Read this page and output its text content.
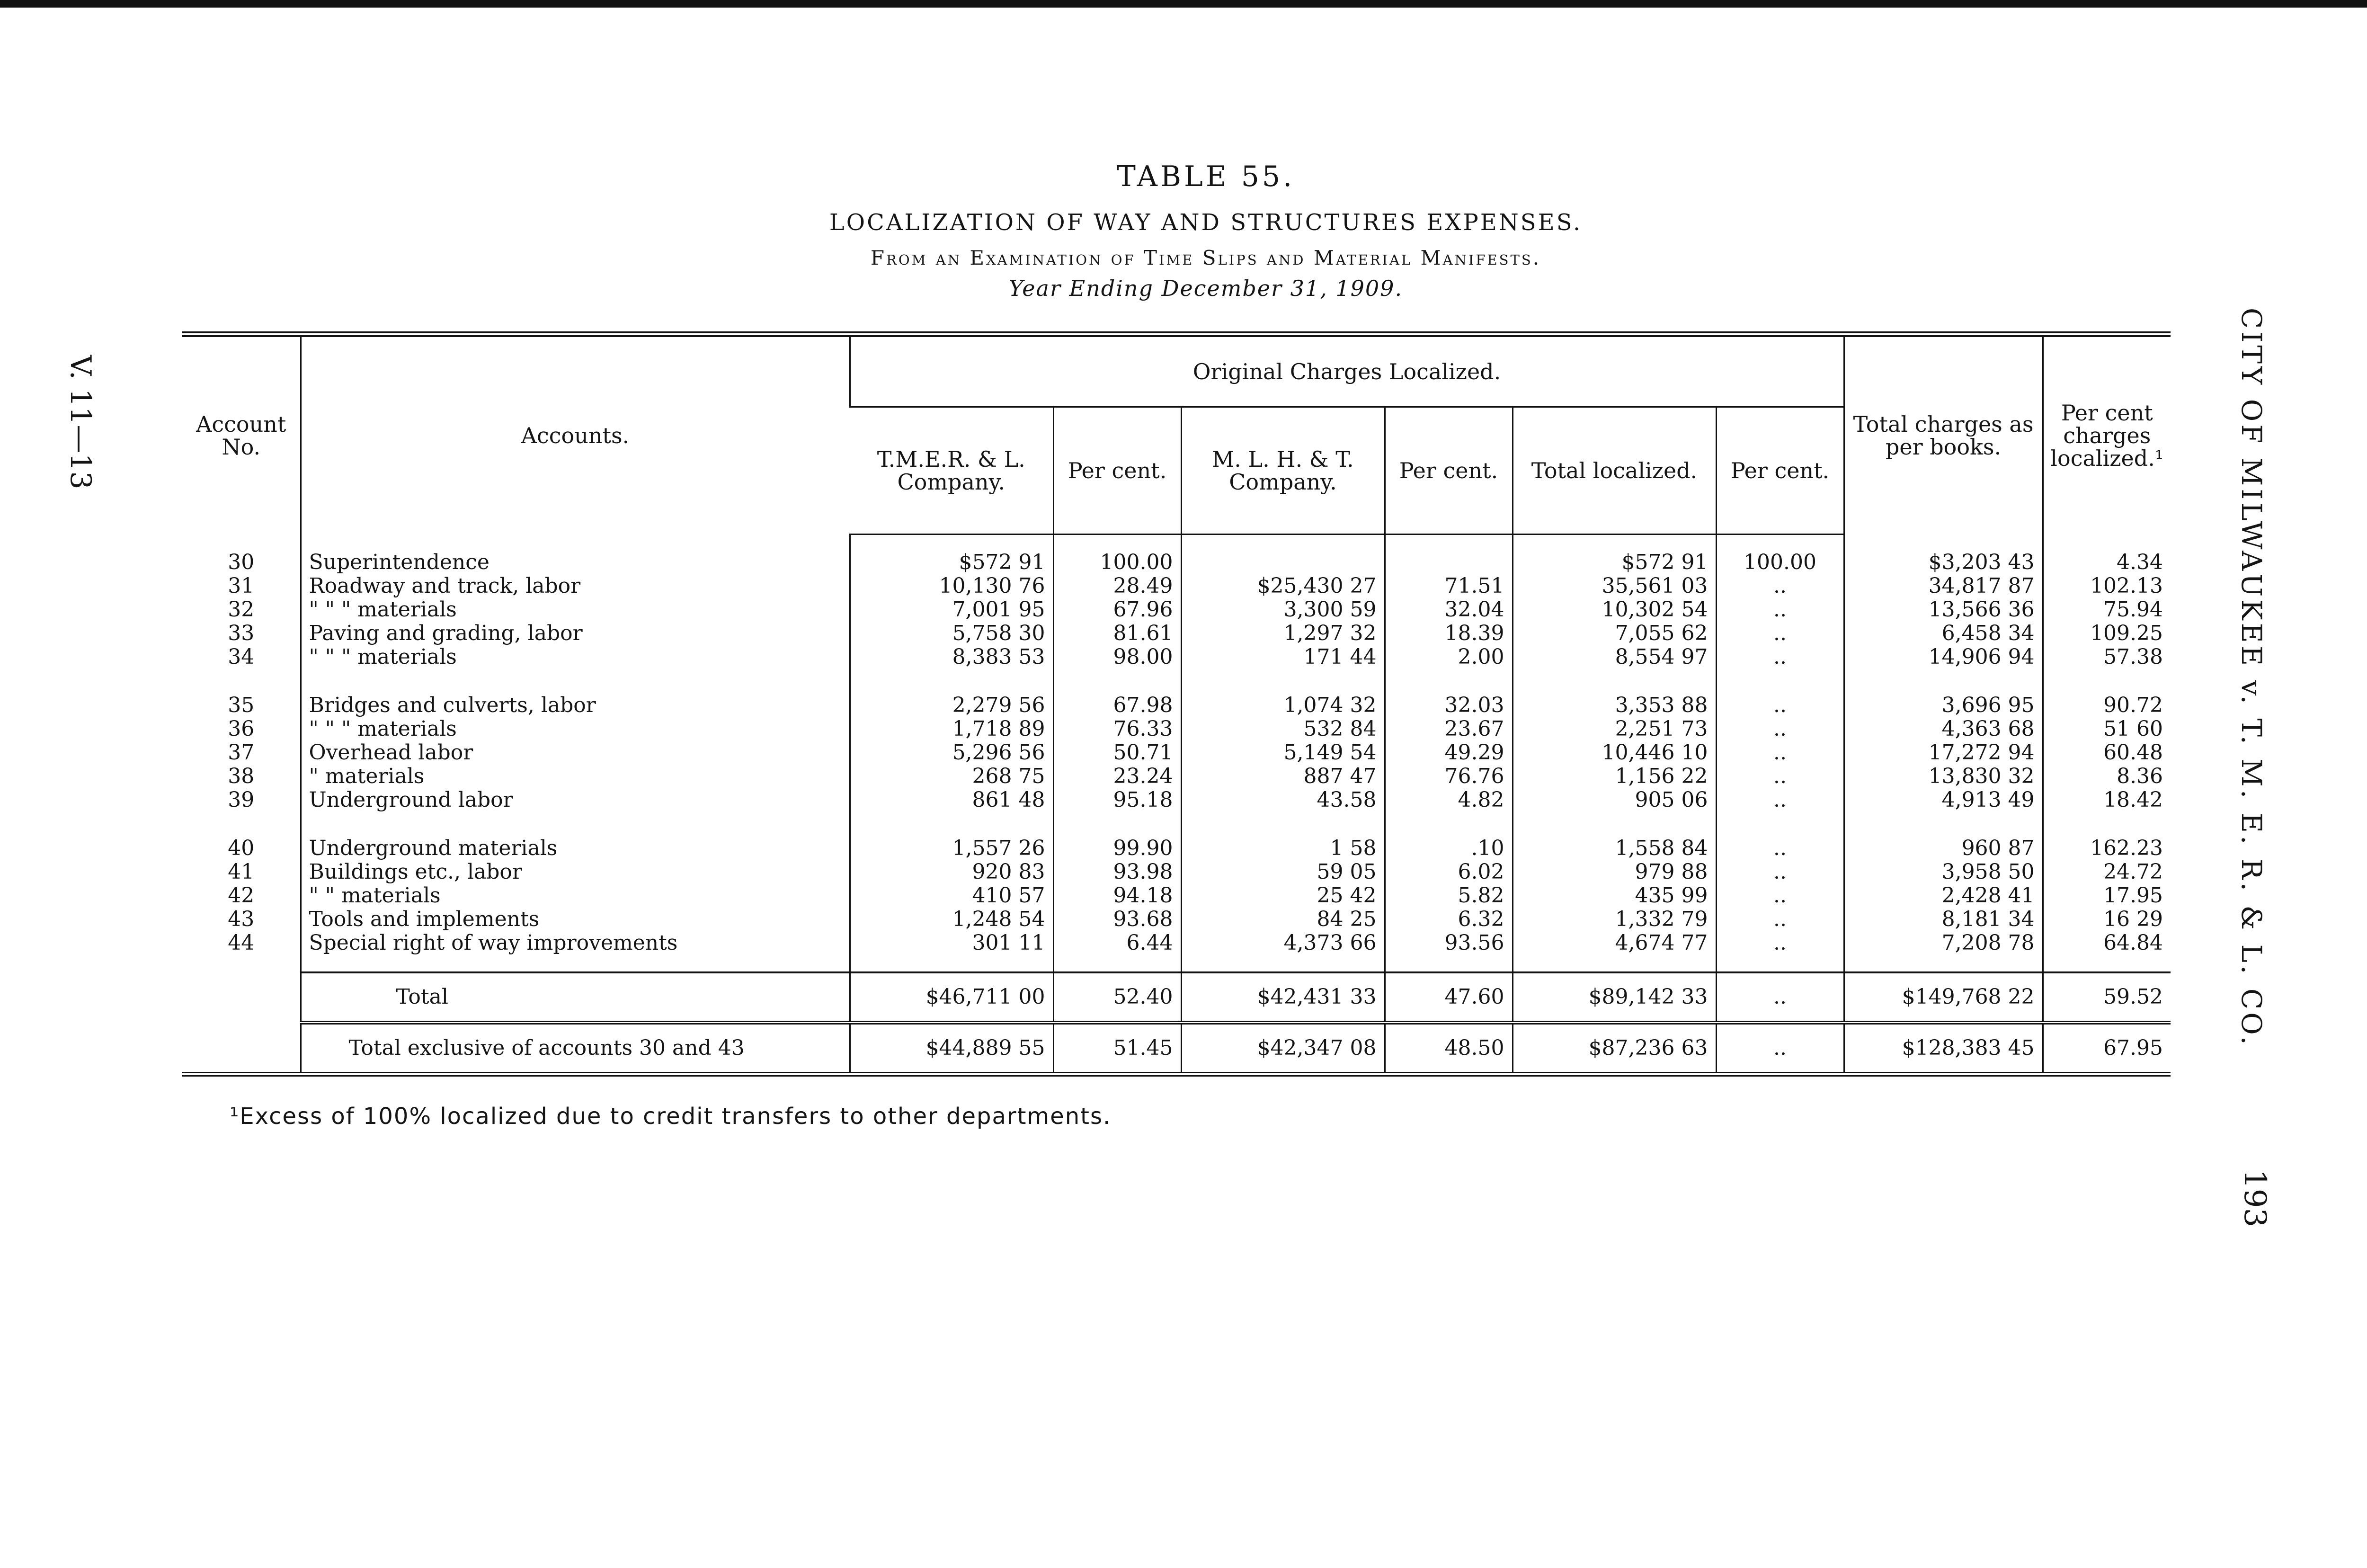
TABLE 55.
LOCALIZATION OF WAY AND STRUCTURES EXPENSES.
From an Examination of Time Slips and Material Manifests.
Year Ending December 31, 1909.
V. 11—13	CITY OF MILWAUKEE v. T. M. E. R. & L. CO.
193
Account No.	Accounts.	Original Charges Localized.						Total charges as per books.	Per cent charges localized.¹
		T.M.E.R. & L. Company.	Per cent.	M. L. H. & T. Company.	Per cent.	Total localized.	Per cent.		

30	Superintendence	$572 91	100.00			$572 91	100.00	$3,203 43	4.34
31	Roadway and track, labor	10,130 76	28.49	$25,430 27	71.51	35,561 03	..	34,817 87	102.13
32	" " " materials	7,001 95	67.96	3,300 59	32.04	10,302 54	..	13,566 36	75.94
33	Paving and grading, labor	5,758 30	81.61	1,297 32	18.39	7,055 62	..	6,458 34	109.25
34	" " " materials	8,383 53	98.00	171 44	2.00	8,554 97	..	14,906 94	57.38

35	Bridges and culverts, labor	2,279 56	67.98	1,074 32	32.03	3,353 88	..	3,696 95	90.72
36	" " " materials	1,718 89	76.33	532 84	23.67	2,251 73	..	4,363 68	51 60
37	Overhead labor	5,296 56	50.71	5,149 54	49.29	10,446 10	..	17,272 94	60.48
38	" materials	268 75	23.24	887 47	76.76	1,156 22	..	13,830 32	8.36
39	Underground labor	861 48	95.18	43.58	4.82	905 06	..	4,913 49	18.42

40	Underground materials	1,557 26	99.90	1 58	.10	1,558 84	..	960 87	162.23
41	Buildings etc., labor	920 83	93.98	59 05	6.02	979 88	..	3,958 50	24.72
42	" " materials	410 57	94.18	25 42	5.82	435 99	..	2,428 41	17.95
43	Tools and implements	1,248 54	93.68	84 25	6.32	1,332 79	..	8,181 34	16 29
44	Special right of way improvements	301 11	6.44	4,373 66	93.56	4,674 77	..	7,208 78	64.84

	Total	$46,711 00	52.40	$42,431 33	47.60	$89,142 33	..	$149,768 22	59.52
	Total exclusive of accounts 30 and 43	$44,889 55	51.45	$42,347 08	48.50	$87,236 63	..	$128,383 45	67.95
¹Excess of 100% localized due to credit transfers to other departments.
